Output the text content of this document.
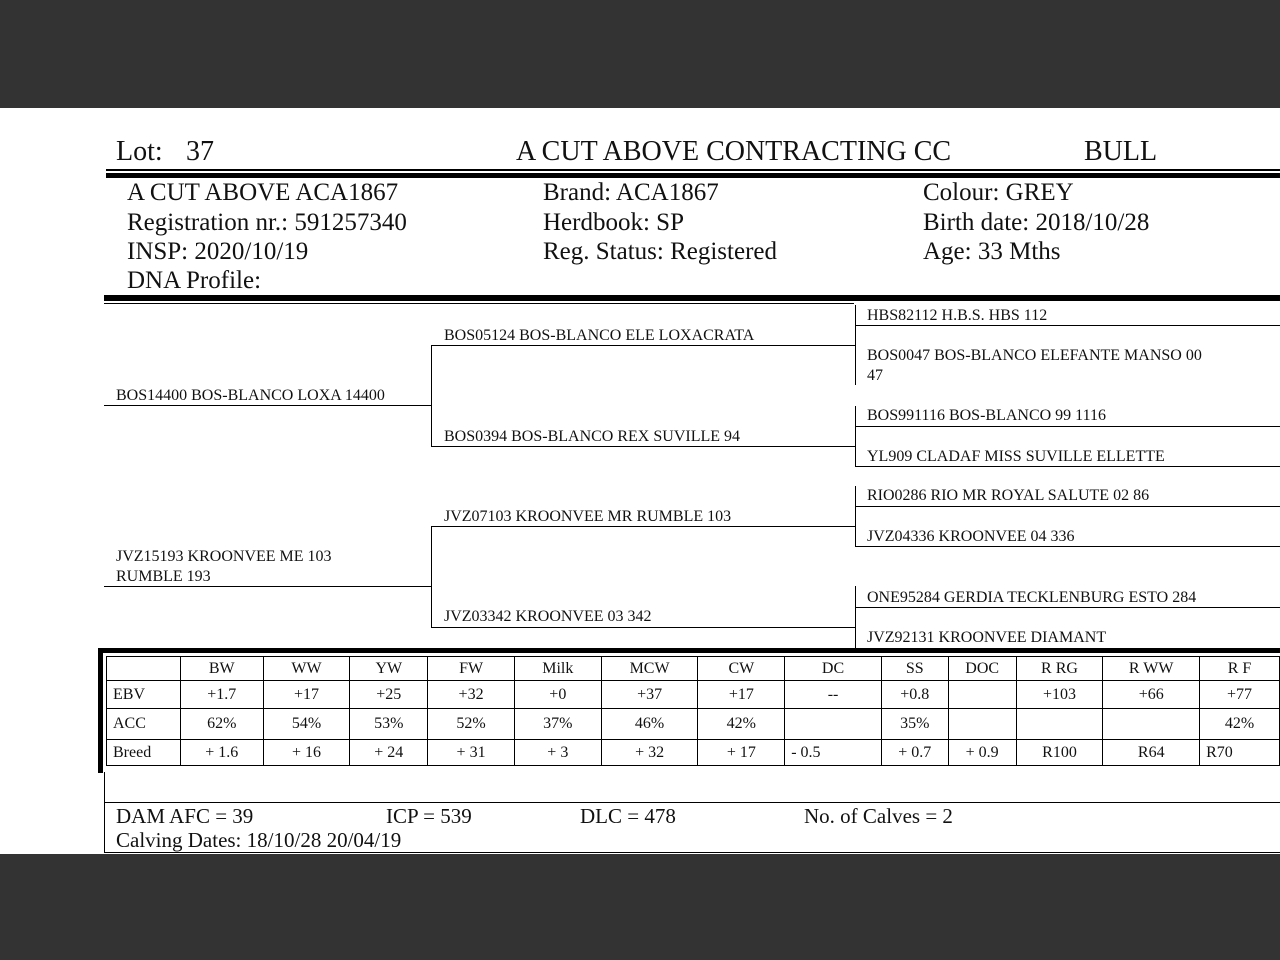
Lot: 37	A CUT ABOVE CONTRACTING CC	BULL
A CUT ABOVE ACA1867
Registration nr.: 591257340
INSP: 2020/10/19
DNA Profile:
Brand: ACA1867
Herdbook: SP
Reg. Status: Registered
Colour: GREY
Birth date: 2018/10/28
Age: 33 Mths
BOS14400 BOS-BLANCO LOXA 14400
JVZ15193 KROONVEE ME 103
RUMBLE 193
BOS05124 BOS-BLANCO ELE LOXACRATA
BOS0394 BOS-BLANCO REX SUVILLE 94
JVZ07103 KROONVEE MR RUMBLE 103
JVZ03342 KROONVEE 03 342
HBS82112 H.B.S. HBS 112
BOS0047 BOS-BLANCO ELEFANTE MANSO 00
47
BOS991116 BOS-BLANCO 99 1116
YL909 CLADAF MISS SUVILLE ELLETTE
RIO0286 RIO MR ROYAL SALUTE 02 86
JVZ04336 KROONVEE 04 336
ONE95284 GERDIA TECKLENBURG ESTO 284
JVZ92131 KROONVEE DIAMANT
	BW	WW	YW	FW	Milk	MCW	CW	DC	SS	DOC	R RG	R WW	R F
EBV	+1.7	+17	+25	+32	+0	+37	+17	--	+0.8		+103	+66	+77
ACC	62%	54%	53%	52%	37%	46%	42%		35%				42%
Breed	+ 1.6	+ 16	+ 24	+ 31	+ 3	+ 32	+ 17	- 0.5	+ 0.7	+ 0.9	R100	R64	R70
DAM AFC = 39	ICP = 539	DLC = 478	No. of Calves = 2
Calving Dates: 18/10/28 20/04/19
